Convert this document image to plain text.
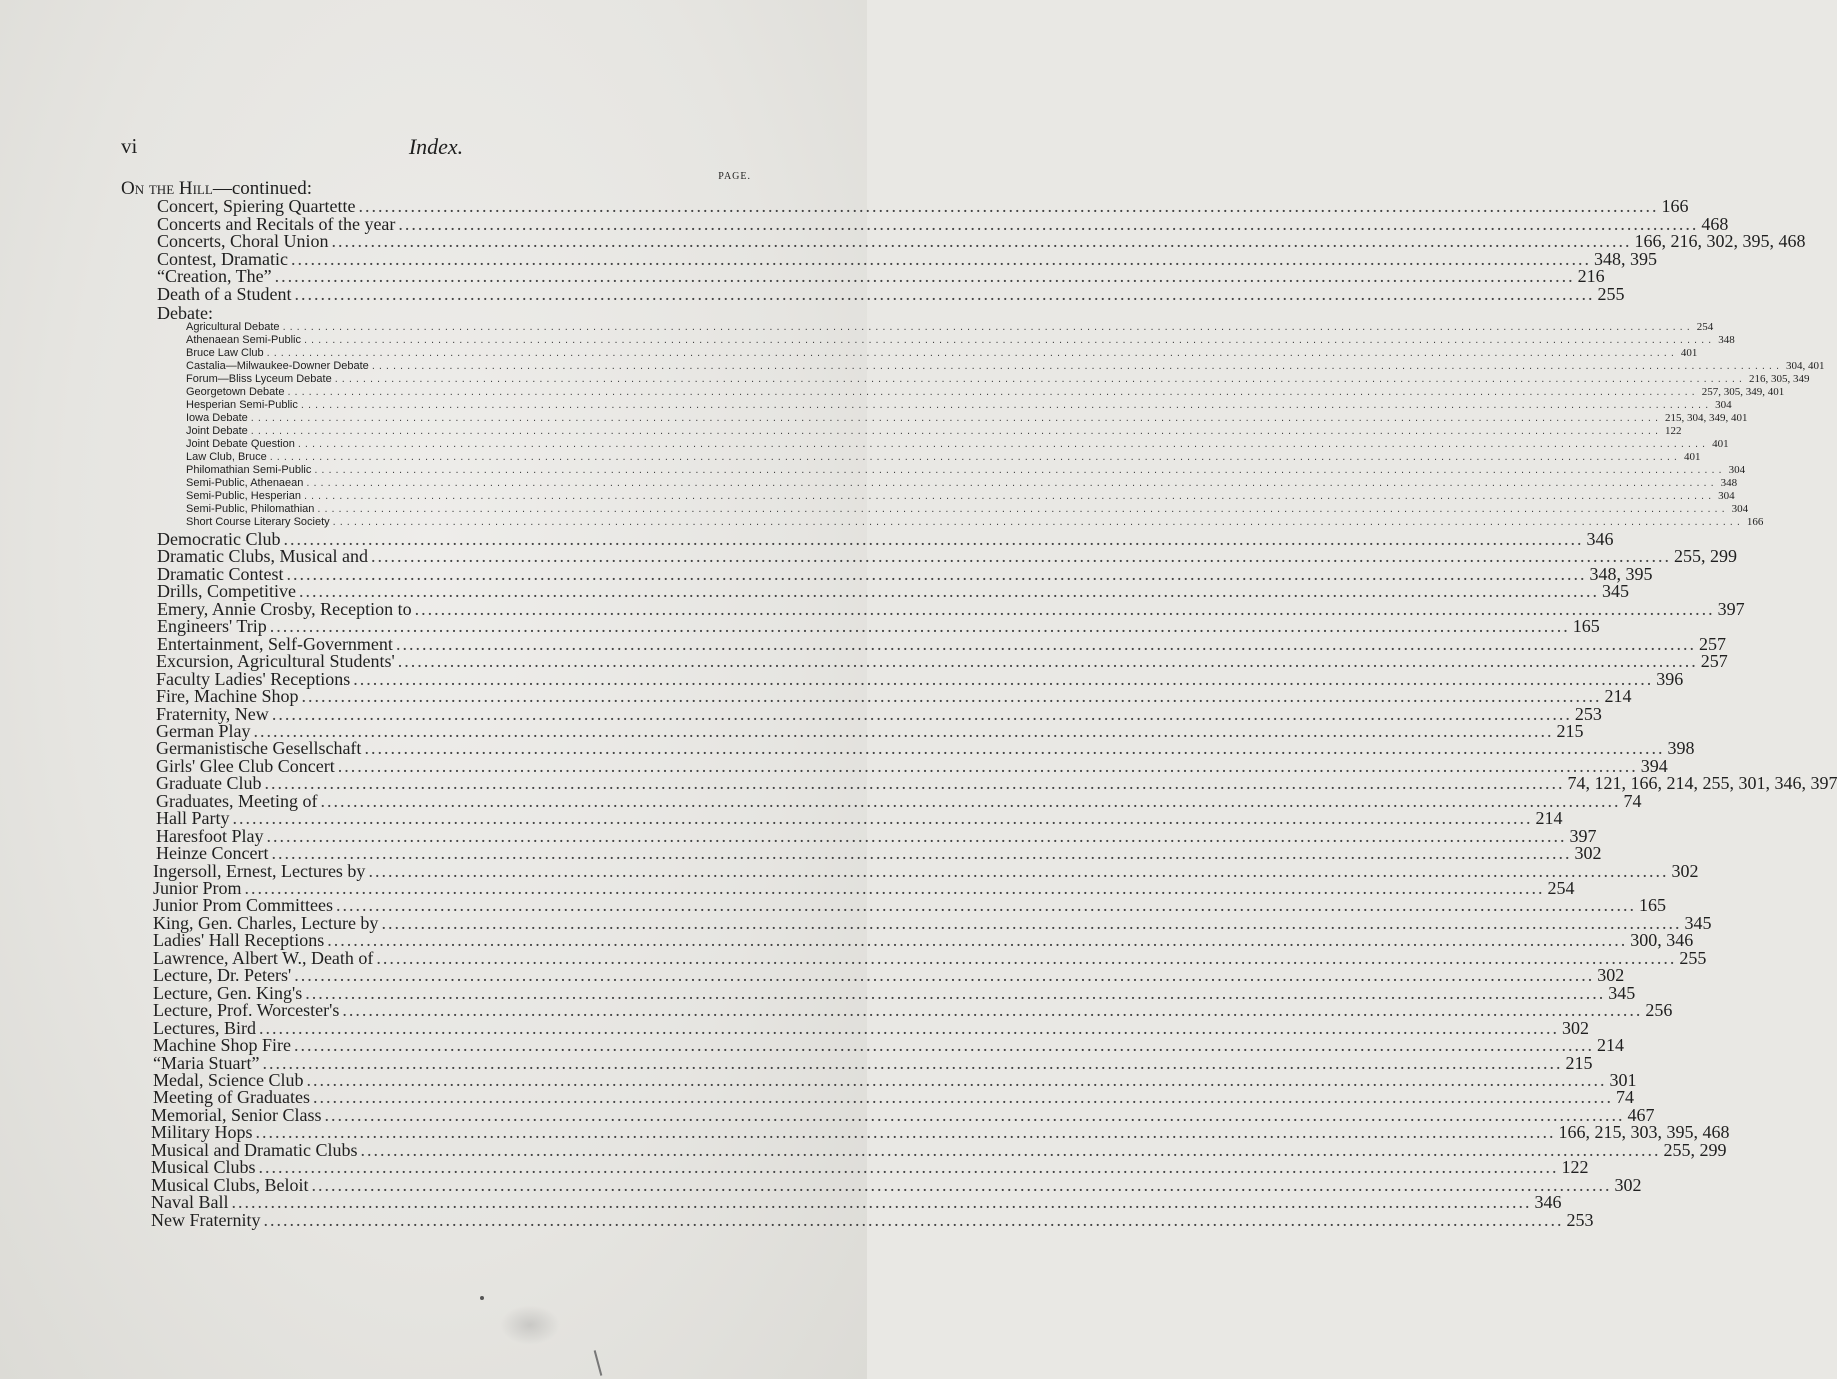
vi	Index.
PAGE.
On the Hill—continued:
Debate:
Concert, Spiering Quartette ........................................................................................................................................................................................................ 166
Concerts and Recitals of the year ........................................................................................................................................................................................................ 468
Concerts, Choral Union ........................................................................................................................................................................................................ 166, 216, 302, 395, 468
Contest, Dramatic ........................................................................................................................................................................................................ 348, 395
“Creation, The” ........................................................................................................................................................................................................ 216
Death of a Student ........................................................................................................................................................................................................ 255
Agricultural Debate ........................................................................................................................................................................................................ 254
Athenaean Semi-Public ........................................................................................................................................................................................................ 348
Bruce Law Club ........................................................................................................................................................................................................ 401
Castalia—Milwaukee-Downer Debate ........................................................................................................................................................................................................ 304, 401
Forum—Bliss Lyceum Debate ........................................................................................................................................................................................................ 216, 305, 349
Georgetown Debate ........................................................................................................................................................................................................ 257, 305, 349, 401
Hesperian Semi-Public ........................................................................................................................................................................................................ 304
Iowa Debate ........................................................................................................................................................................................................ 215, 304, 349, 401
Joint Debate ........................................................................................................................................................................................................ 122
Joint Debate Question ........................................................................................................................................................................................................ 401
Law Club, Bruce ........................................................................................................................................................................................................ 401
Philomathian Semi-Public ........................................................................................................................................................................................................ 304
Semi-Public, Athenaean ........................................................................................................................................................................................................ 348
Semi-Public, Hesperian ........................................................................................................................................................................................................ 304
Semi-Public, Philomathian ........................................................................................................................................................................................................ 304
Short Course Literary Society ........................................................................................................................................................................................................ 166
Democratic Club ........................................................................................................................................................................................................ 346
Dramatic Clubs, Musical and ........................................................................................................................................................................................................ 255, 299
Dramatic Contest ........................................................................................................................................................................................................ 348, 395
Drills, Competitive ........................................................................................................................................................................................................ 345
Emery, Annie Crosby, Reception to ........................................................................................................................................................................................................ 397
Engineers' Trip ........................................................................................................................................................................................................ 165
Entertainment, Self-Government ........................................................................................................................................................................................................ 257
Excursion, Agricultural Students' ........................................................................................................................................................................................................ 257
Faculty Ladies' Receptions ........................................................................................................................................................................................................ 396
Fire, Machine Shop ........................................................................................................................................................................................................ 214
Fraternity, New ........................................................................................................................................................................................................ 253
German Play ........................................................................................................................................................................................................ 215
Germanistische Gesellschaft ........................................................................................................................................................................................................ 398
Girls' Glee Club Concert ........................................................................................................................................................................................................ 394
Graduate Club ........................................................................................................................................................................................................ 74, 121, 166, 214, 255, 301, 346, 397
Graduates, Meeting of ........................................................................................................................................................................................................ 74
Hall Party ........................................................................................................................................................................................................ 214
Haresfoot Play ........................................................................................................................................................................................................ 397
Heinze Concert ........................................................................................................................................................................................................ 302
Ingersoll, Ernest, Lectures by ........................................................................................................................................................................................................ 302
Junior Prom ........................................................................................................................................................................................................ 254
Junior Prom Committees ........................................................................................................................................................................................................ 165
King, Gen. Charles, Lecture by ........................................................................................................................................................................................................ 345
Ladies' Hall Receptions ........................................................................................................................................................................................................ 300, 346
Lawrence, Albert W., Death of ........................................................................................................................................................................................................ 255
Lecture, Dr. Peters' ........................................................................................................................................................................................................ 302
Lecture, Gen. King's ........................................................................................................................................................................................................ 345
Lecture, Prof. Worcester's ........................................................................................................................................................................................................ 256
Lectures, Bird ........................................................................................................................................................................................................ 302
Machine Shop Fire ........................................................................................................................................................................................................ 214
“Maria Stuart” ........................................................................................................................................................................................................ 215
Medal, Science Club ........................................................................................................................................................................................................ 301
Meeting of Graduates ........................................................................................................................................................................................................ 74
Memorial, Senior Class ........................................................................................................................................................................................................ 467
Military Hops ........................................................................................................................................................................................................ 166, 215, 303, 395, 468
Musical and Dramatic Clubs ........................................................................................................................................................................................................ 255, 299
Musical Clubs ........................................................................................................................................................................................................ 122
Musical Clubs, Beloit ........................................................................................................................................................................................................ 302
Naval Ball ........................................................................................................................................................................................................ 346
New Fraternity ........................................................................................................................................................................................................ 253
